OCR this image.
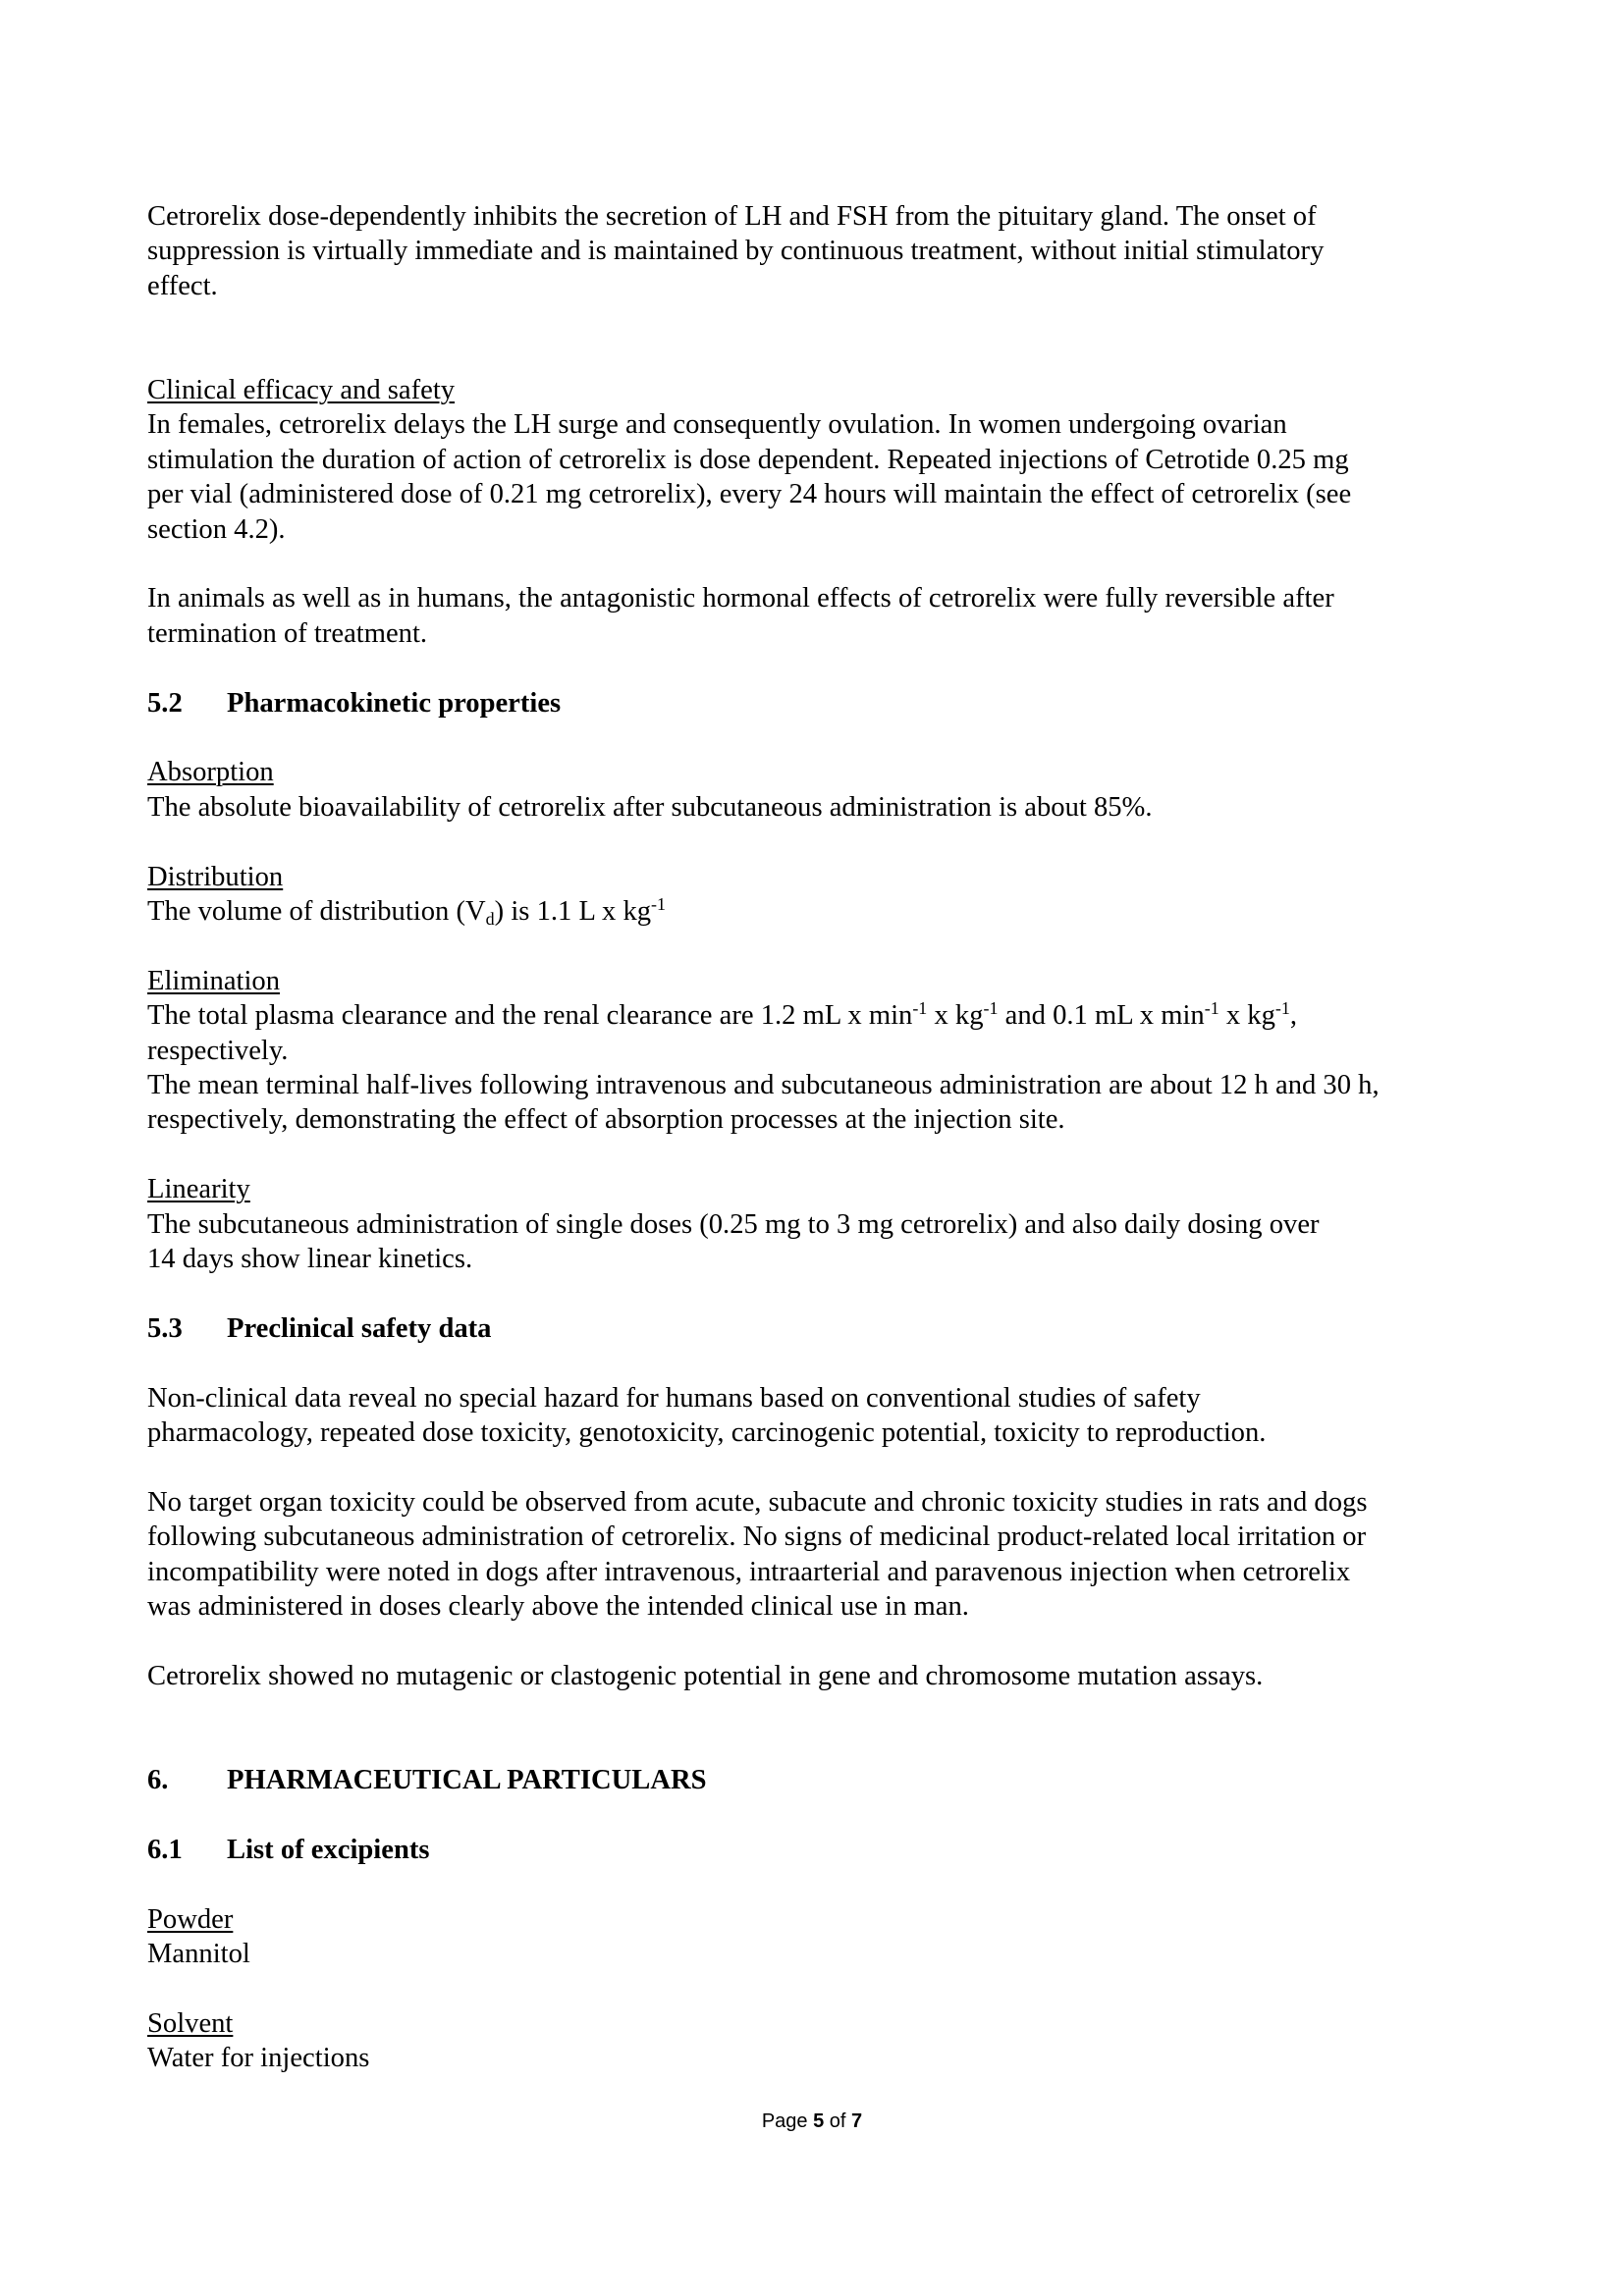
Cetrorelix dose-dependently inhibits the secretion of LH and FSH from the pituitary gland. The onset of
suppression is virtually immediate and is maintained by continuous treatment, without initial stimulatory
effect.

Clinical efficacy and safety
In females, cetrorelix delays the LH surge and consequently ovulation. In women undergoing ovarian
stimulation the duration of action of cetrorelix is dose dependent. Repeated injections of Cetrotide 0.25 mg
per vial (administered dose of 0.21 mg cetrorelix), every 24 hours will maintain the effect of cetrorelix (see
section 4.2).

In animals as well as in humans, the antagonistic hormonal effects of cetrorelix were fully reversible after
termination of treatment.

5.2	Pharmacokinetic properties

Absorption
The absolute bioavailability of cetrorelix after subcutaneous administration is about 85%.

Distribution
The volume of distribution $(V_d)$ is 1.1 L x $kg^{-1}$

Elimination
The total plasma clearance and the renal clearance are 1.2 mL x $\min^{-1} x$ $kg^{-1}$ and 0.1 mL x $\min^{-1} x$ $kg^{-1}$,
respectively.
The mean terminal half-lives following intravenous and subcutaneous administration are about 12 h and 30 h,
respectively, demonstrating the effect of absorption processes at the injection site.

Linearity
The subcutaneous administration of single doses (0.25 mg to 3 mg cetrorelix) and also daily dosing over
14 days show linear kinetics.

5.3	Preclinical safety data

Non-clinical data reveal no special hazard for humans based on conventional studies of safety
pharmacology, repeated dose toxicity, genotoxicity, carcinogenic potential, toxicity to reproduction.

No target organ toxicity could be observed from acute, subacute and chronic toxicity studies in rats and dogs
following subcutaneous administration of cetrorelix. No signs of medicinal product-related local irritation or
incompatibility were noted in dogs after intravenous, intraarterial and paravenous injection when cetrorelix
was administered in doses clearly above the intended clinical use in man.

Cetrorelix showed no mutagenic or clastogenic potential in gene and chromosome mutation assays.

6.	PHARMACEUTICAL PARTICULARS

6.1	List of excipients

Powder
Mannitol

Solvent
Water for injections

Page 5 of 7
